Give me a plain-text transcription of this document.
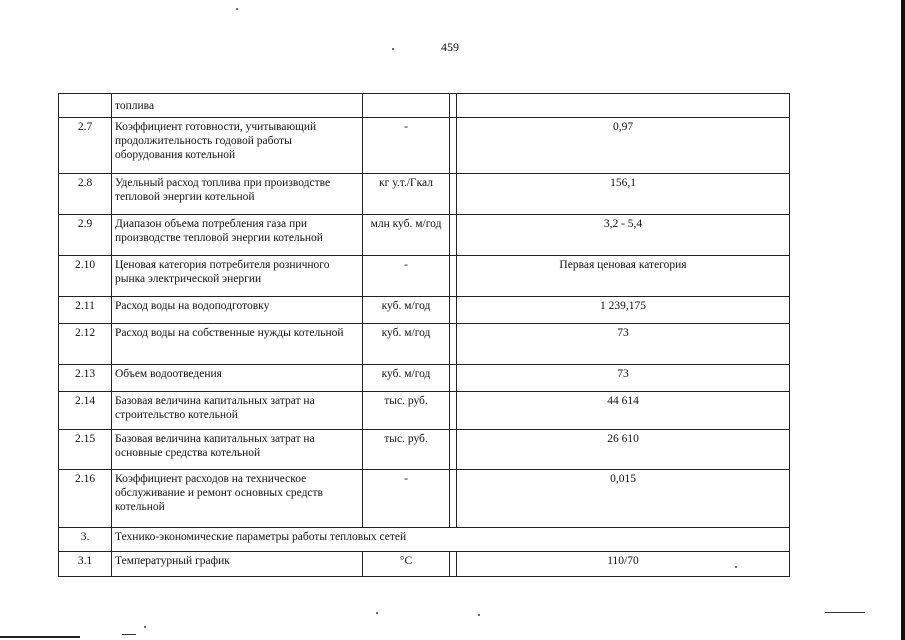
459
	топлива			
2.7	Коэффициент готовности, учитывающий продолжительность годовой работы оборудования котельной	-		0,97
2.8	Удельный расход топлива при производстве тепловой энергии котельной	кг у.т./Гкал		156,1
2.9	Диапазон объема потребления газа при производстве тепловой энергии котельной	млн куб. м/год		3,2 - 5,4
2.10	Ценовая категория потребителя розничного рынка электрической энергии	-		Первая ценовая категория
2.11	Расход воды на водоподготовку	куб. м/год		1 239,175
2.12	Расход воды на собственные нужды котельной	куб. м/год		73
2.13	Объем водоотведения	куб. м/год		73
2.14	Базовая величина капитальных затрат на строительство котельной	тыс. руб.		44 614
2.15	Базовая величина капитальных затрат на основные средства котельной	тыс. руб.		26 610
2.16	Коэффициент расходов на техническое обслуживание и ремонт основных средств котельной	-		0,015
3.	Технико-экономические параметры работы тепловых сетей			
3.1	Температурный график	°C		110/70
